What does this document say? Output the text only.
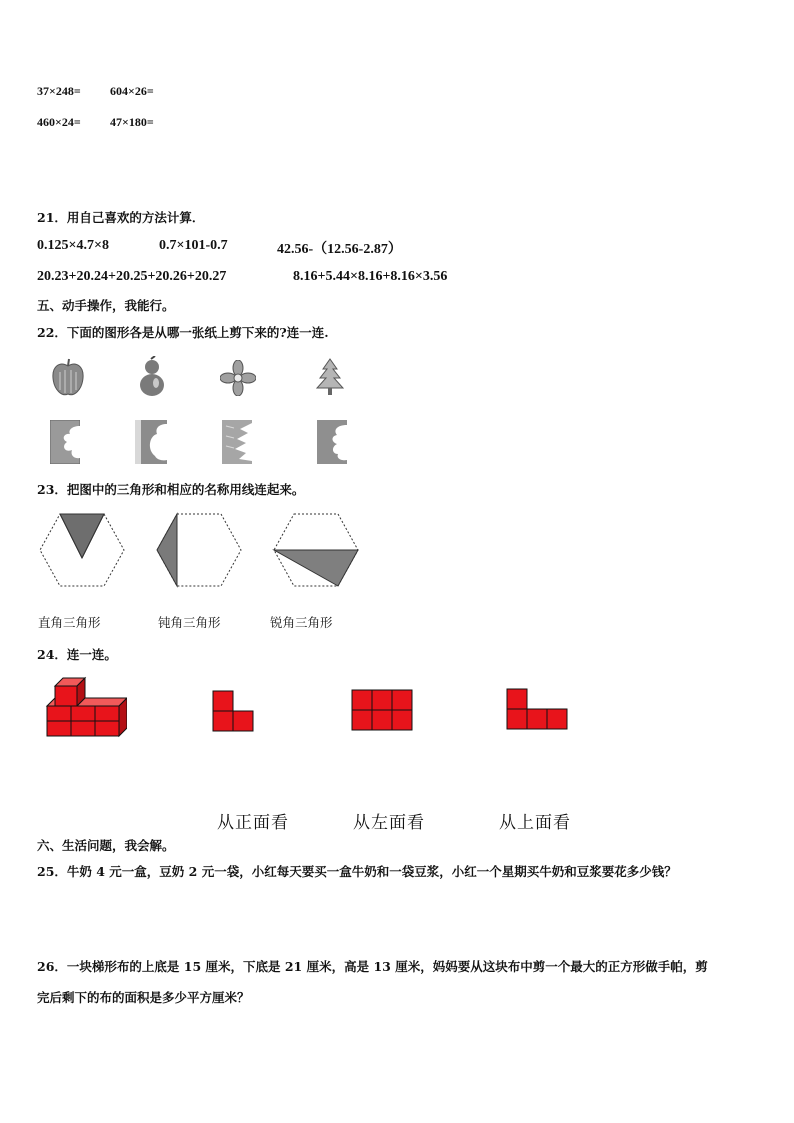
37×248= 604×26=
460×24= 47×180=
21．用自己喜欢的方法计算．
0.125×4.7×8	0.7×101-0.7	42.56-（12.56-2.87）
20.23+20.24+20.25+20.26+20.27	8.16+5.44×8.16+8.16×3.56
五、动手操作，我能行。
22．下面的图形各是从哪一张纸上剪下来的?连一连.
23．把图中的三角形和相应的名称用线连起来。
直角三角形	钝角三角形	锐角三角形
24．连一连。
从正面看	从左面看	从上面看
六、生活问题，我会解。
25．牛奶 4 元一盒，豆奶 2 元一袋，小红每天要买一盒牛奶和一袋豆浆，小红一个星期买牛奶和豆浆要花多少钱？
26．一块梯形布的上底是 15 厘米，下底是 21 厘米，高是 13 厘米，妈妈要从这块布中剪一个最大的正方形做手帕，剪
完后剩下的布的面积是多少平方厘米？
